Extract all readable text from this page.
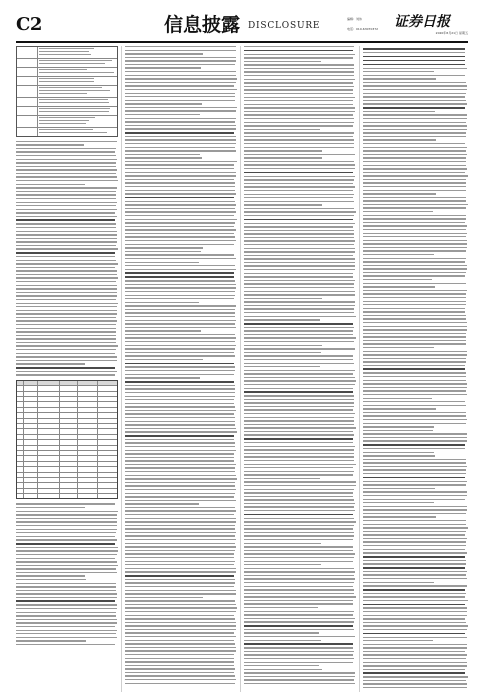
C2	信息披露 DISCLOSURE
编辑：刘伟
电话：010-63070372 证券日报
2020年8月21日 星期五
